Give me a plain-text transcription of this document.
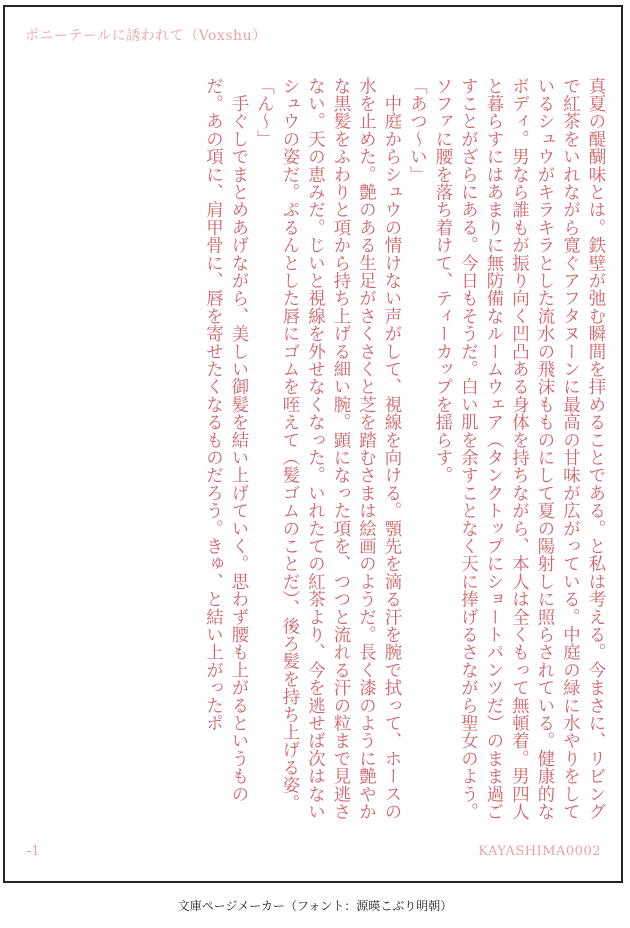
ポニーテールに誘われて（Voxshu）

真夏の醍醐味とは。鉄壁が弛む瞬間を拝めることである。と私は考える。今まさに、リビングで紅茶をいれながら寛ぐアフタヌーンに最高の甘味が広がっている。中庭の緑に水やりをしているシュウがキラキラとした流水の飛沫もものにして夏の陽射しに照らされている。健康的なボディ。男なら誰もが振り向く凹凸ある身体を持ちながら、本人は全くもって無頓着。男四人と暮らすにはあまりに無防備なルームウェア（タンクトップにショートパンツだ）のまま過ごすことがざらにある。今日もそうだ。白い肌を余すことなく天に捧げるさながら聖女のよう。ソファに腰を落ち着けて、ティーカップを揺らす。

「あつ〜い」

　中庭からシュウの情けない声がして、視線を向ける。顎先を滴る汗を腕で拭って、ホースの水を止めた。艶のある生足がさくさくと芝を踏むさまは絵画のようだ。長く漆のように艶やかな黒髪をふわりと項から持ち上げる細い腕。顕になった項を、つつと流れる汗の粒まで見逃さない。天の恵みだ。じいと視線を外せなくなった。いれたての紅茶より、今を逃せば次はないシュウの姿だ。ぷるんとした唇にゴムを咥えて（髪ゴムのことだ）、後ろ髪を持ち上げる姿。

「ん〜」

　手ぐしでまとめあげながら、美しい御髪を結い上げていく。思わず腰も上がるというものだ。あの項に、肩甲骨に、唇を寄せたくなるものだろう。きゅ、と結い上がったポ

-1	KAYASHIMA0002
文庫ページメーカー（フォント：源暎こぶり明朝）
